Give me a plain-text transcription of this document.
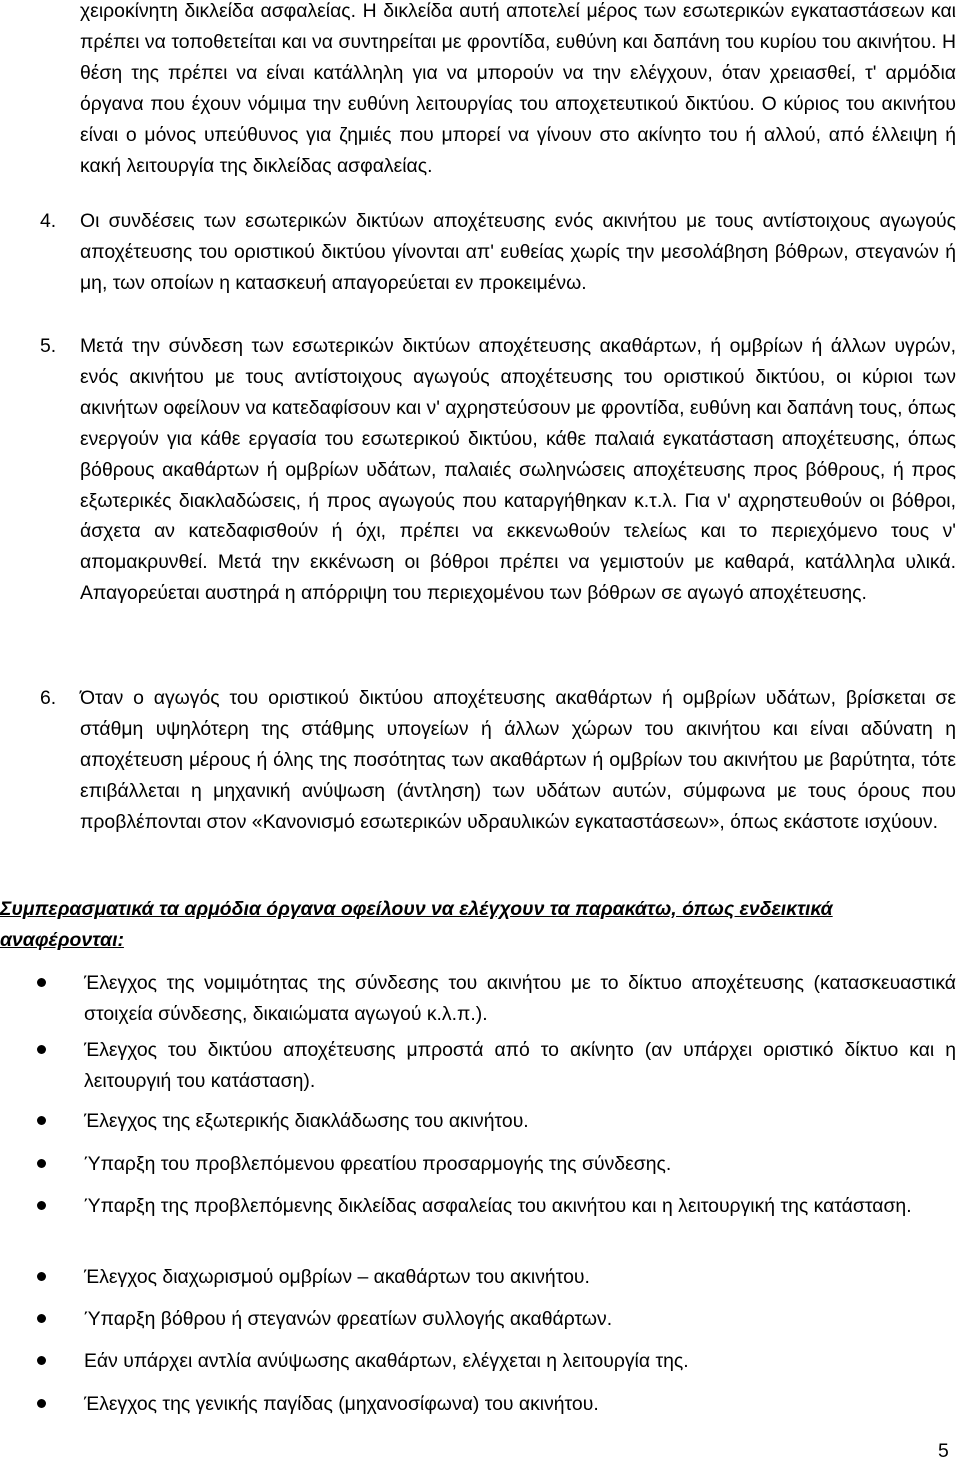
χειροκίνητη δικλείδα ασφαλείας. Η δικλείδα αυτή αποτελεί μέρος των εσωτερικών εγκαταστάσεων και πρέπει να τοποθετείται και να συντηρείται με φροντίδα, ευθύνη και δαπάνη του κυρίου του ακινήτου. Η θέση της πρέπει να είναι κατάλληλη για να μπορούν να την ελέγχουν, όταν χρειασθεί, τ' αρμόδια όργανα που έχουν νόμιμα την ευθύνη λειτουργίας του αποχετευτικού δικτύου. Ο κύριος του ακινήτου είναι ο μόνος υπεύθυνος για ζημιές που μπορεί να γίνουν στο ακίνητο του ή αλλού, από έλλειψη ή κακή λειτουργία της δικλείδας ασφαλείας.

4.	Οι συνδέσεις των εσωτερικών δικτύων αποχέτευσης ενός ακινήτου με τους αντίστοιχους αγωγούς αποχέτευσης του οριστικού δικτύου γίνονται απ' ευθείας χωρίς την μεσολάβηση βόθρων, στεγανών ή μη, των οποίων η κατασκευή απαγορεύεται εν προκειμένω.
5.	Μετά την σύνδεση των εσωτερικών δικτύων αποχέτευσης ακαθάρτων, ή ομβρίων ή άλλων υγρών, ενός ακινήτου με τους αντίστοιχους αγωγούς αποχέτευσης του οριστικού δικτύου, οι κύριοι των ακινήτων οφείλουν να κατεδαφίσουν και ν' αχρηστεύσουν με φροντίδα, ευθύνη και δαπάνη τους, όπως ενεργούν για κάθε εργασία του εσωτερικού δικτύου, κάθε παλαιά εγκατάσταση αποχέτευσης, όπως βόθρους ακαθάρτων ή ομβρίων υδάτων, παλαιές σωληνώσεις αποχέτευσης προς βόθρους, ή προς εξωτερικές διακλαδώσεις, ή προς αγωγούς που καταργήθηκαν κ.τ.λ. Για ν' αχρηστευθούν οι βόθροι, άσχετα αν κατεδαφισθούν ή όχι, πρέπει να εκκενωθούν τελείως και το περιεχόμενο τους ν' απομακρυνθεί. Μετά την εκκένωση οι βόθροι πρέπει να γεμιστούν με καθαρά, κατάλληλα υλικά. Απαγορεύεται αυστηρά η απόρριψη του περιεχομένου των βόθρων σε αγωγό αποχέτευσης.
6.	Όταν ο αγωγός του οριστικού δικτύου αποχέτευσης ακαθάρτων ή ομβρίων υδάτων, βρίσκεται σε στάθμη υψηλότερη της στάθμης υπογείων ή άλλων χώρων του ακινήτου και είναι αδύνατη η αποχέτευση μέρους ή όλης της ποσότητας των ακαθάρτων ή ομβρίων του ακινήτου με βαρύτητα, τότε επιβάλλεται η μηχανική ανύψωση (άντληση) των υδάτων αυτών, σύμφωνα με τους όρους που προβλέπονται στον «Κανονισμό εσωτερικών υδραυλικών εγκαταστάσεων», όπως εκάστοτε ισχύουν.
Συμπερασματικά τα αρμόδια όργανα οφείλουν να ελέγχουν τα παρακάτω, όπως ενδεικτικά αναφέρονται:
Έλεγχος της νομιμότητας της σύνδεσης του ακινήτου με το δίκτυο αποχέτευσης (κατασκευαστικά στοιχεία σύνδεσης, δικαιώματα αγωγού κ.λ.π.).
Έλεγχος του δικτύου αποχέτευσης μπροστά από το ακίνητο (αν υπάρχει οριστικό δίκτυο και η λειτουργιή του κατάσταση).
Έλεγχος της εξωτερικής διακλάδωσης του ακινήτου.
Ύπαρξη του προβλεπόμενου φρεατίου προσαρμογής της σύνδεσης.
Ύπαρξη της προβλεπόμενης δικλείδας ασφαλείας του ακινήτου και η λειτουργική της κατάσταση.
Έλεγχος διαχωρισμού ομβρίων – ακαθάρτων του ακινήτου.
Ύπαρξη βόθρου ή στεγανών φρεατίων συλλογής ακαθάρτων.
Εάν υπάρχει αντλία ανύψωσης ακαθάρτων, ελέγχεται η λειτουργία της.
Έλεγχος της γενικής παγίδας (μηχανοσίφωνα) του ακινήτου.
5
